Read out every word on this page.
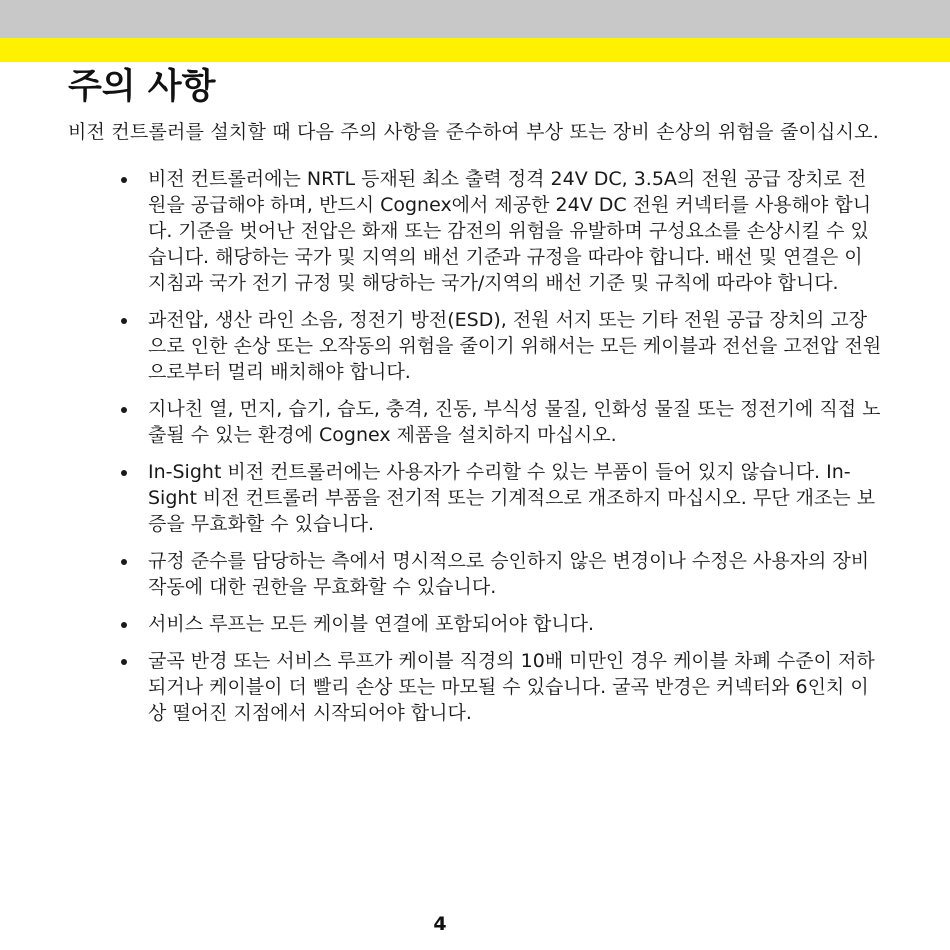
주의 사항

비전 컨트롤러를 설치할 때 다음 주의 사항을 준수하여 부상 또는 장비 손상의 위험을 줄이십시오.

비전 컨트롤러에는 NRTL 등재된 최소 출력 정격 24V DC, 3.5A의 전원 공급 장치로 전원을 공급해야 하며, 반드시 Cognex에서 제공한 24V DC 전원 커넥터를 사용해야 합니다. 기준을 벗어난 전압은 화재 또는 감전의 위험을 유발하며 구성요소를 손상시킬 수 있습니다. 해당하는 국가 및 지역의 배선 기준과 규정을 따라야 합니다. 배선 및 연결은 이 지침과 국가 전기 규정 및 해당하는 국가/지역의 배선 기준 및 규칙에 따라야 합니다.
과전압, 생산 라인 소음, 정전기 방전(ESD), 전원 서지 또는 기타 전원 공급 장치의 고장으로 인한 손상 또는 오작동의 위험을 줄이기 위해서는 모든 케이블과 전선을 고전압 전원으로부터 멀리 배치해야 합니다.
지나친 열, 먼지, 습기, 습도, 충격, 진동, 부식성 물질, 인화성 물질 또는 정전기에 직접 노출될 수 있는 환경에 Cognex 제품을 설치하지 마십시오.
In-Sight 비전 컨트롤러에는 사용자가 수리할 수 있는 부품이 들어 있지 않습니다. In-Sight 비전 컨트롤러 부품을 전기적 또는 기계적으로 개조하지 마십시오. 무단 개조는 보증을 무효화할 수 있습니다.
규정 준수를 담당하는 측에서 명시적으로 승인하지 않은 변경이나 수정은 사용자의 장비 작동에 대한 권한을 무효화할 수 있습니다.
서비스 루프는 모든 케이블 연결에 포함되어야 합니다.
굴곡 반경 또는 서비스 루프가 케이블 직경의 10배 미만인 경우 케이블 차폐 수준이 저하되거나 케이블이 더 빨리 손상 또는 마모될 수 있습니다. 굴곡 반경은 커넥터와 6인치 이상 떨어진 지점에서 시작되어야 합니다.
4
